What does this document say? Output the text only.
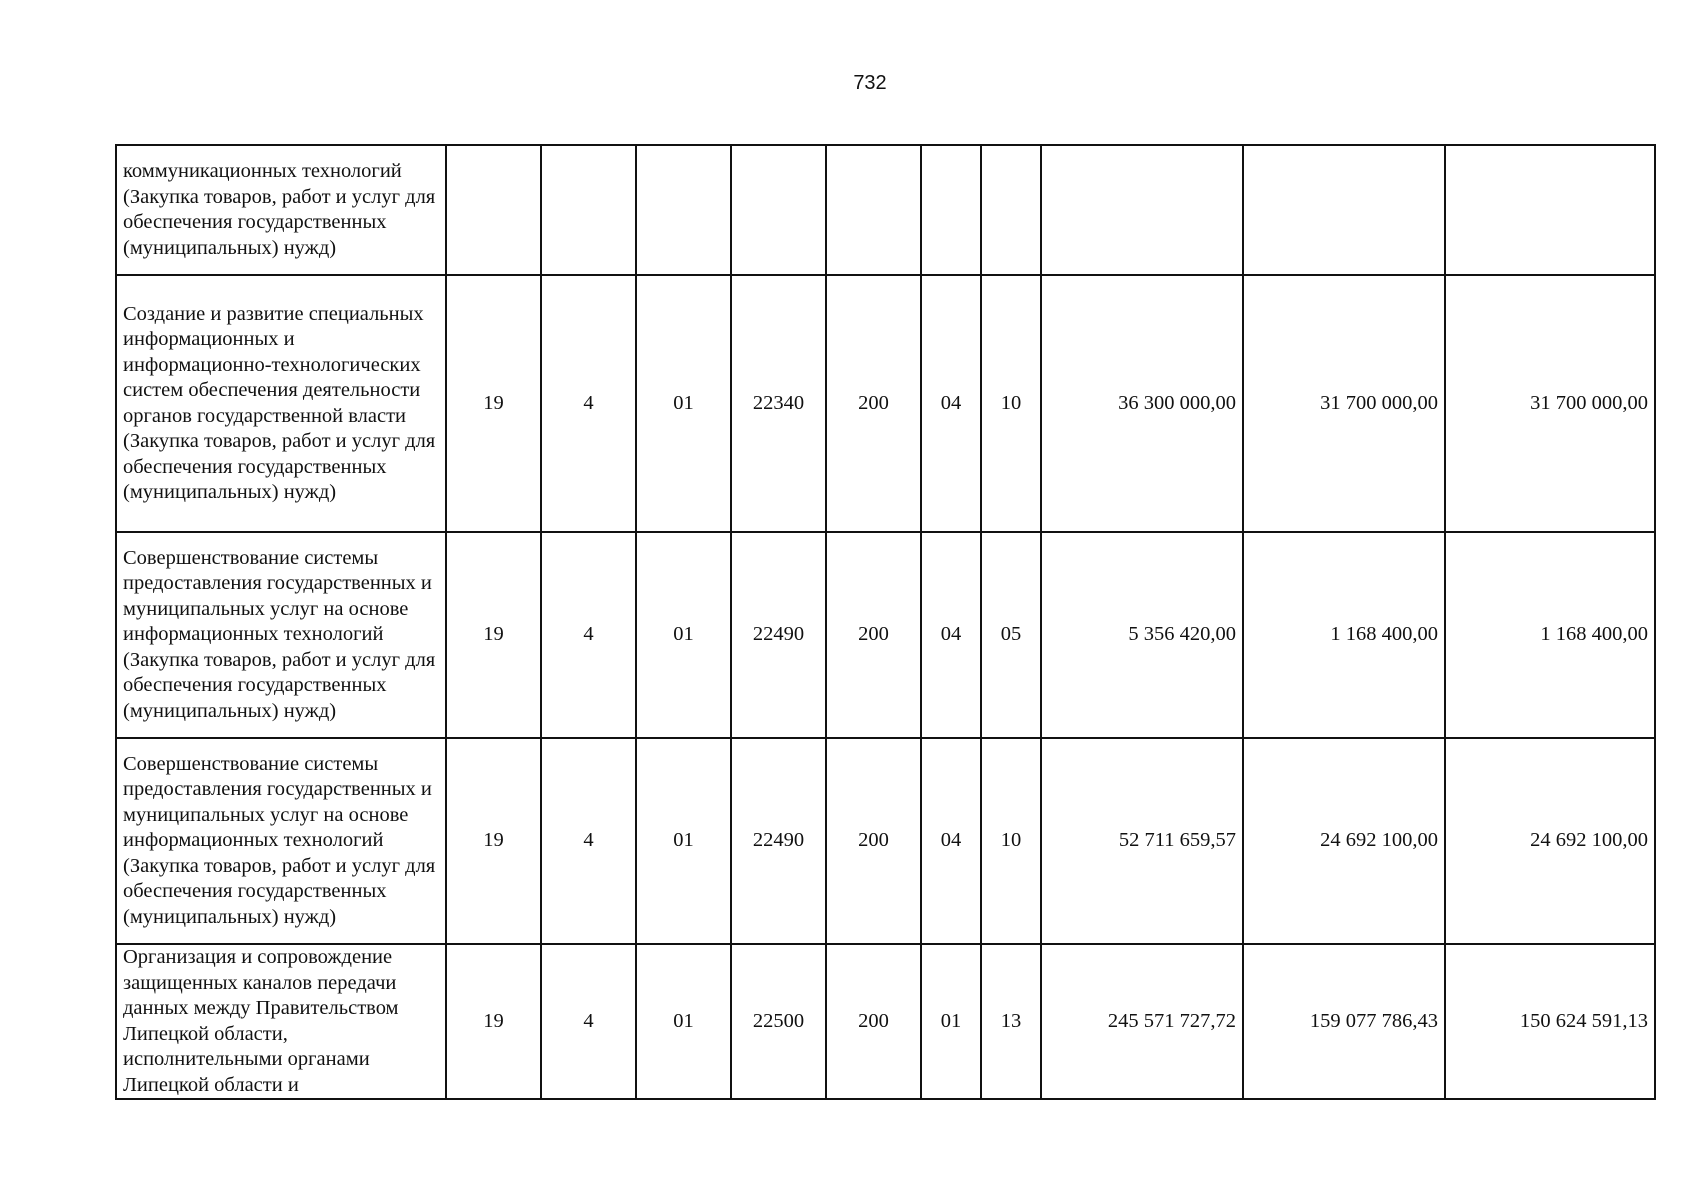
732
коммуникационных технологий (Закупка товаров, работ и услуг для обеспечения государственных (муниципальных) нужд)										
Создание и развитие специальных информационных и информационно-технологических систем обеспечения деятельности органов государственной власти (Закупка товаров, работ и услуг для обеспечения государственных (муниципальных) нужд)	19	4	01	22340	200	04	10	36 300 000,00	31 700 000,00	31 700 000,00
Совершенствование системы предоставления государственных и муниципальных услуг на основе информационных технологий (Закупка товаров, работ и услуг для обеспечения государственных (муниципальных) нужд)	19	4	01	22490	200	04	05	5 356 420,00	1 168 400,00	1 168 400,00
Совершенствование системы предоставления государственных и муниципальных услуг на основе информационных технологий (Закупка товаров, работ и услуг для обеспечения государственных (муниципальных) нужд)	19	4	01	22490	200	04	10	52 711 659,57	24 692 100,00	24 692 100,00
Организация и сопровождение защищенных каналов передачи данных между Правительством Липецкой области, исполнительными органами Липецкой области и	19	4	01	22500	200	01	13	245 571 727,72	159 077 786,43	150 624 591,13
